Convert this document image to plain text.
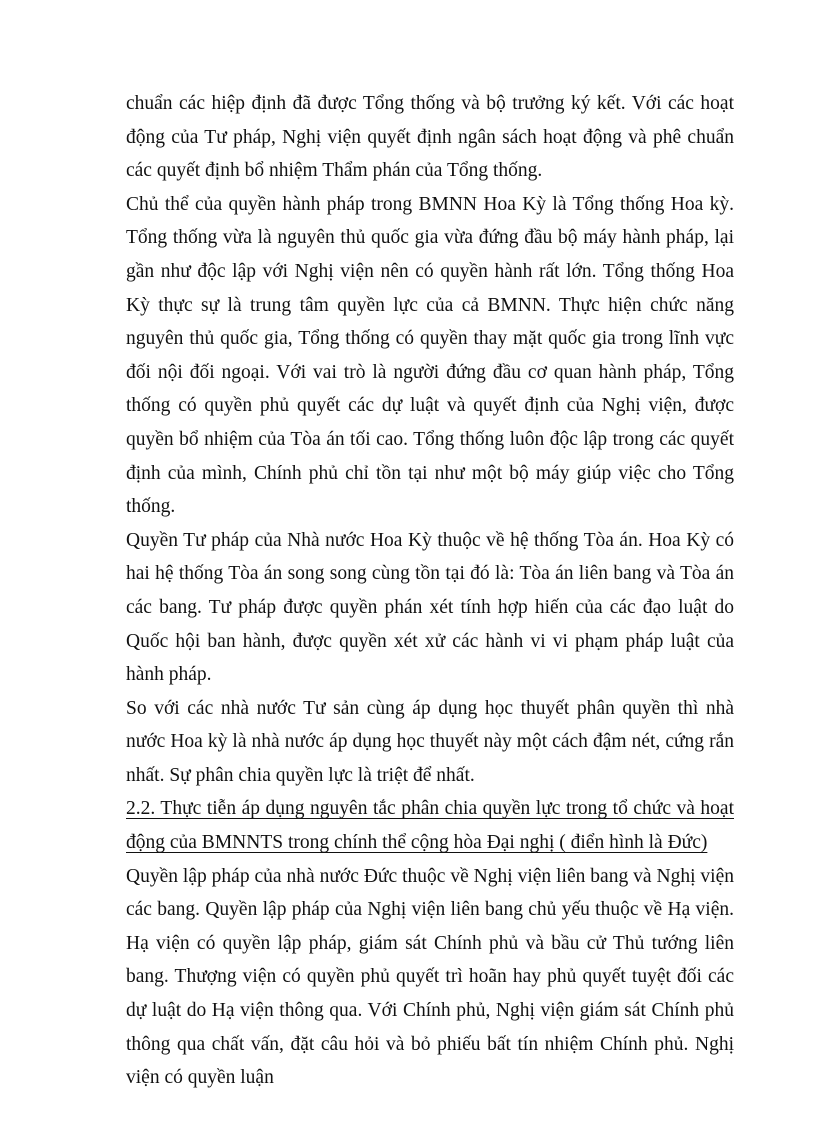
chuẩn các hiệp định đã được Tổng thống và bộ trưởng ký kết. Với các hoạt động của Tư pháp, Nghị viện quyết định ngân sách hoạt động và phê chuẩn các quyết định bổ nhiệm Thẩm phán của Tổng thống.

Chủ thể của quyền hành pháp trong BMNN Hoa Kỳ là Tổng thống Hoa kỳ. Tổng thống vừa là nguyên thủ quốc gia vừa đứng đầu bộ máy hành pháp, lại gần như độc lập với Nghị viện nên có quyền hành rất lớn. Tổng thống Hoa Kỳ thực sự là trung tâm quyền lực của cả BMNN. Thực hiện chức năng nguyên thủ quốc gia, Tổng thống có quyền thay mặt quốc gia trong lĩnh vực đối nội đối ngoại. Với vai trò là người đứng đầu cơ quan hành pháp, Tổng thống có quyền phủ quyết các dự luật và quyết định của Nghị viện, được quyền bổ nhiệm của Tòa án tối cao. Tổng thống luôn độc lập trong các quyết định của mình, Chính phủ chỉ tồn tại như một bộ máy giúp việc cho Tổng thống.

Quyền Tư pháp của Nhà nước Hoa Kỳ thuộc về hệ thống Tòa án. Hoa Kỳ có hai hệ thống Tòa án song song cùng tồn tại đó là: Tòa án liên bang và Tòa án các bang. Tư pháp được quyền phán xét tính hợp hiến của các đạo luật do Quốc hội ban hành, được quyền xét xử các hành vi vi phạm pháp luật của hành pháp.

So với các nhà nước Tư sản cùng áp dụng học thuyết phân quyền thì nhà nước Hoa kỳ là nhà nước áp dụng học thuyết này một cách đậm nét, cứng rắn nhất. Sự phân chia quyền lực là triệt để nhất.

2.2. Thực tiễn áp dụng nguyên tắc phân chia quyền lực trong tổ chức và hoạt động của BMNNTS trong chính thể cộng hòa Đại nghị ( điển hình là Đức)

Quyền lập pháp của nhà nước Đức thuộc về Nghị viện liên bang và Nghị viện các bang. Quyền lập pháp của Nghị viện liên bang chủ yếu thuộc về Hạ viện. Hạ viện có quyền lập pháp, giám sát Chính phủ và bầu cử Thủ tướng liên bang. Thượng viện có quyền phủ quyết trì hoãn hay phủ quyết tuyệt đối các dự luật do Hạ viện thông qua. Với Chính phủ, Nghị viện giám sát Chính phủ thông qua chất vấn, đặt câu hỏi và bỏ phiếu bất tín nhiệm Chính phủ. Nghị viện có quyền luận
